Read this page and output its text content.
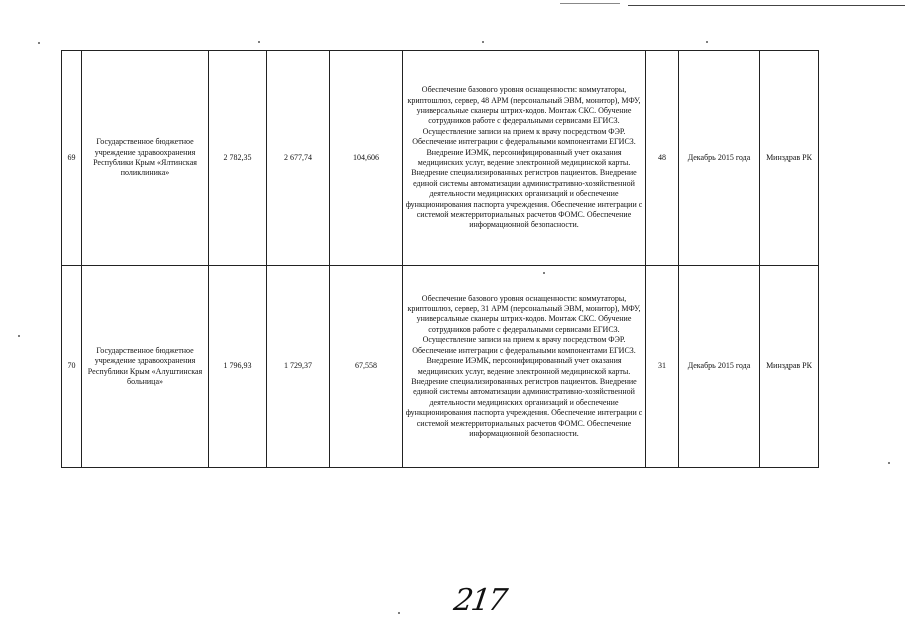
69	Государственное бюджетное учреждение здравоохранения Республики Крым «Ялтинская поликлиника»	2 782,35	2 677,74	104,606	Обеспечение базового уровня оснащенности: коммутаторы, криптошлюз, сервер, 48 АРМ (персональный ЭВМ, монитор), МФУ, универсальные сканеры штрих-кодов. Монтаж СКС. Обучение сотрудников работе с федеральными сервисами ЕГИСЗ. Осуществление записи на прием к врачу посредством ФЭР. Обеспечение интеграции с федеральными компонентами ЕГИСЗ. Внедрение ИЭМК, персонифицированный учет оказания медицинских услуг, ведение электронной медицинской карты. Внедрение специализированных регистров пациентов. Внедрение единой системы автоматизации административно-хозяйственной деятельности медицинских организаций и обеспечение функционирования паспорта учреждения. Обеспечение интеграции с системой межтерриториальных расчетов ФОМС. Обеспечение информационной безопасности.	48	Декабрь 2015 года	Минздрав РК
70	Государственное бюджетное учреждение здравоохранения Республики Крым «Алуштинская больница»	1 796,93	1 729,37	67,558	Обеспечение базового уровня оснащенности: коммутаторы, криптошлюз, сервер, 31 АРМ (персональный ЭВМ, монитор), МФУ, универсальные сканеры штрих-кодов. Монтаж СКС. Обучение сотрудников работе с федеральными сервисами ЕГИСЗ. Осуществление записи на прием к врачу посредством ФЭР. Обеспечение интеграции с федеральными компонентами ЕГИСЗ. Внедрение ИЭМК, персонифицированный учет оказания медицинских услуг, ведение электронной медицинской карты. Внедрение специализированных регистров пациентов. Внедрение единой системы автоматизации административно-хозяйственной деятельности медицинских организаций и обеспечение функционирования паспорта учреждения. Обеспечение интеграции с системой межтерриториальных расчетов ФОМС. Обеспечение информационной безопасности.	31	Декабрь 2015 года	Минздрав РК
217
